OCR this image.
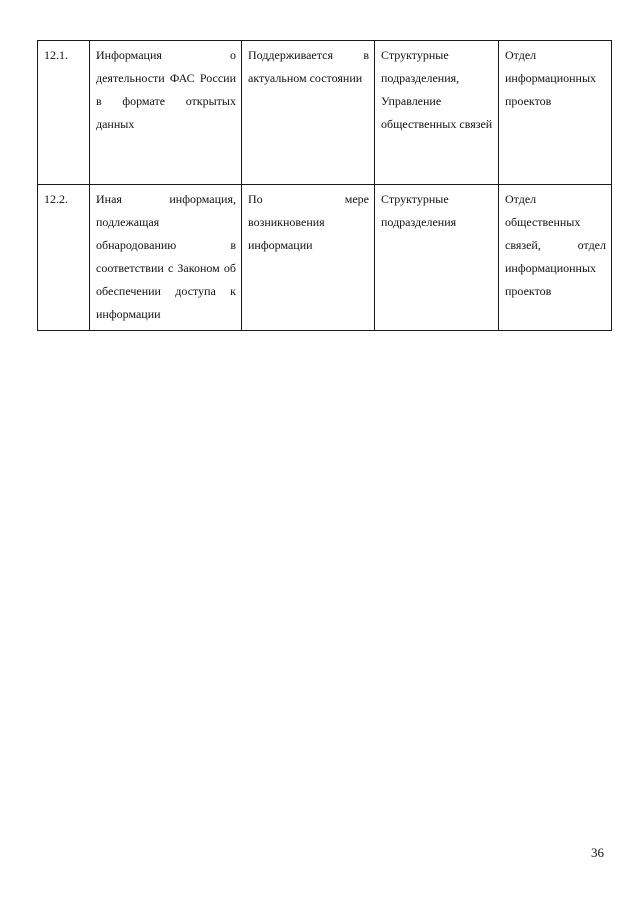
12.1.	Информация о деятельности ФАС России в формате открытых данных	Поддерживается в актуальном состоянии	Структурные подразделения, Управление общественных связей	Отдел информационных проектов
12.2.	Иная информация, подлежащая обнародованию в соответствии с Законом об обеспечении доступа к информации	По мере возникновения информации	Структурные подразделения	Отдел общественных связей, отдел информационных проектов
36
